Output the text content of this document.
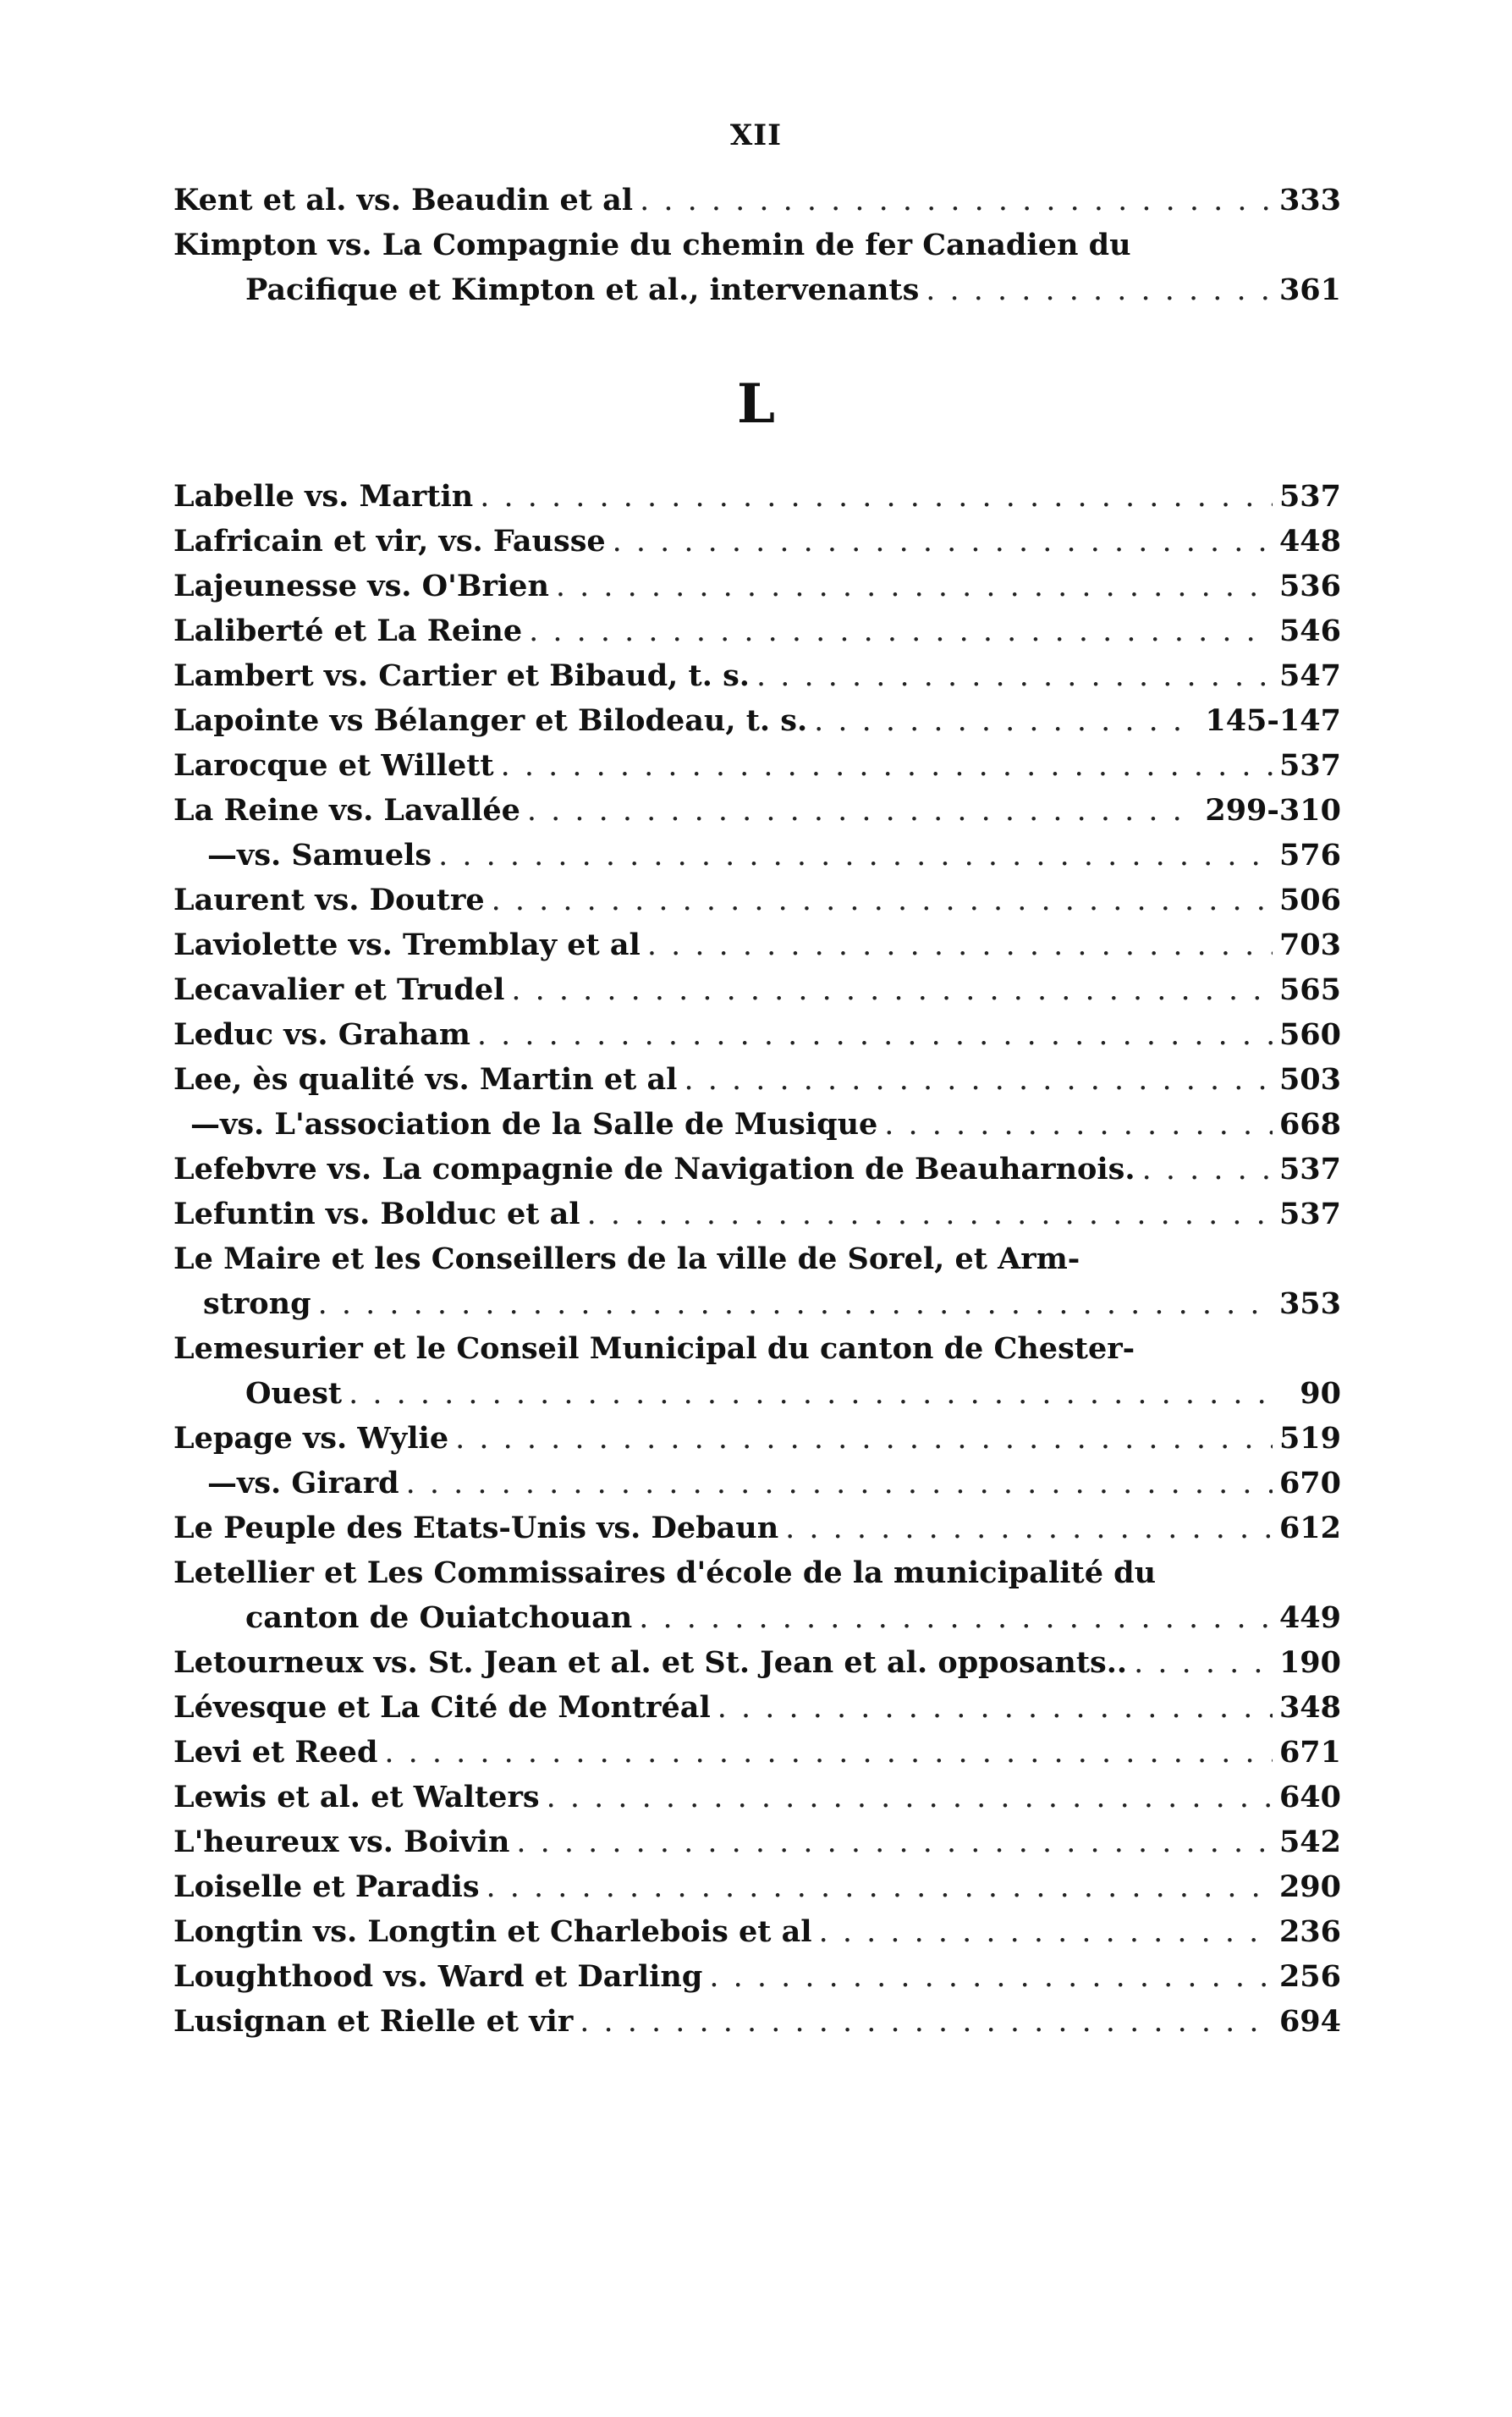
XII
Kent et al. vs. Beaudin et al . . .	333
Kimpton vs. La Compagnie du chemin de fer Canadien du
Pacifique et Kimpton et al., intervenants . . .	361
L
Labelle vs. Martin . . .	537
Lafricain et vir, vs. Fausse . . .	448
Lajeunesse vs. O'Brien . . .	536
Laliberté et La Reine . . .	546
Lambert vs. Cartier et Bibaud, t. s. . . .	547
Lapointe vs Bélanger et Bilodeau, t. s. . . .	145-147
Larocque et Willett . . .	537
La Reine vs. Lavallée . . .	299-310
— vs. Samuels . . .	576
Laurent vs. Doutre . . .	506
Laviolette vs. Tremblay et al . . .	703
Lecavalier et Trudel . . .	565
Leduc vs. Graham . . .	560
Lee, ès qualité vs. Martin et al . . .	503
— vs. L'association de la Salle de Musique . . .	668
Lefebvre vs. La compagnie de Navigation de Beauharnois. . . .	537
Lefuntin vs. Bolduc et al . . .	537
Le Maire et les Conseillers de la ville de Sorel, et Arm-
strong . . .	353
Lemesurier et le Conseil Municipal du canton de Chester-
Ouest . . .	90
Lepage vs. Wylie . . .	519
— vs. Girard . . .	670
Le Peuple des Etats-Unis vs. Debaun . . .	612
Letellier et Les Commissaires d'école de la municipalité du
canton de Ouiatchouan . . .	449
Letourneux vs. St. Jean et al. et St. Jean et al. opposants.. . . .	190
Lévesque et La Cité de Montréal . . .	348
Levi et Reed . . .	671
Lewis et al. et Walters . . .	640
L'heureux vs. Boivin . . .	542
Loiselle et Paradis . . .	290
Longtin vs. Longtin et Charlebois et al . . .	236
Loughthood vs. Ward et Darling . . .	256
Lusignan et Rielle et vir . . .	694
